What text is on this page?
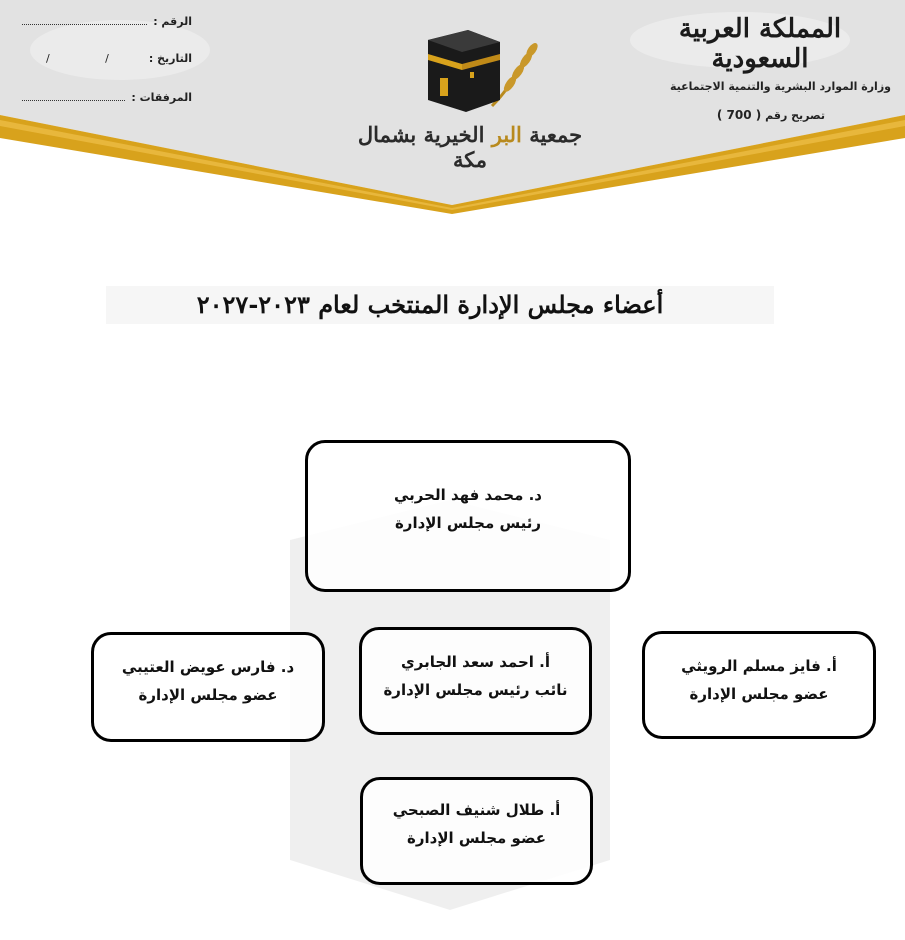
الرقم :
التاريخ :
/ /
المرفقات :
المملكة العربية السعودية
وزارة الموارد البشرية والتنمية الاجتماعية
تصريح رقم ( 700 )
جمعية البر الخيرية بشمال مكة
أعضاء مجلس الإدارة المنتخب لعام ٢٠٢٣-٢٠٢٧
د. محمد فهد الحربي
رئيس مجلس الإدارة
أ. احمد سعد الجابري
نائب رئيس مجلس الإدارة
د. فارس عويض العتيبي
عضو مجلس الإدارة
أ. فايز مسلم الرويثي
عضو مجلس الإدارة
أ. طلال شنيف الصبحي
عضو مجلس الإدارة
